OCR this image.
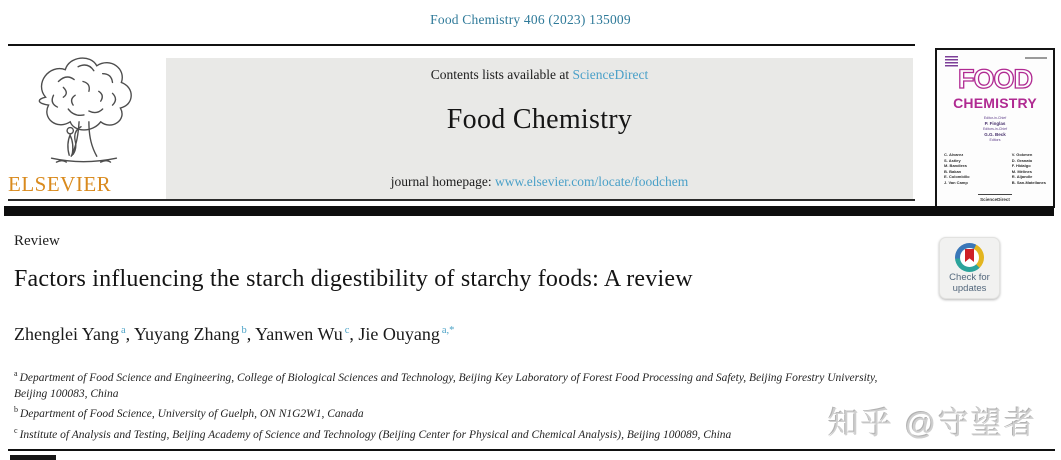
Food Chemistry 406 (2023) 135009
ELSEVIER
Contents lists available at ScienceDirect
Food Chemistry
journal homepage: www.elsevier.com/locate/foodchem
FOOD
CHEMISTRY
Editor-in-Chief
P. Finglas
Editors-in-Chief
G.G. Beck
Editors
C. Alvarez
S. Astley
M. Bandiera
B. Bakan
E. Colombillo
J. Van Camp
V. Gokmen
D. Granato
F. Hidalgo
M. Mélines
R. Aljandle
B. San-Matellanes
ScienceDirect
Review
Factors influencing the starch digestibility of starchy foods: A review
Zhenglei Yang $^a$, Yuyang Zhang $^b$, Yanwen Wu $^c$, Jie Ouyang $^{a,*}$
$^a$ Department of Food Science and Engineering, College of Biological Sciences and Technology, Beijing Key Laboratory of Forest Food Processing and Safety, Beijing Forestry University, Beijing 100083, China
$^b$ Department of Food Science, University of Guelph, ON N1G2W1, Canada
$^c$ Institute of Analysis and Testing, Beijing Academy of Science and Technology (Beijing Center for Physical and Chemical Analysis), Beijing 100089, China
Check for
updates
知乎 @守望者
